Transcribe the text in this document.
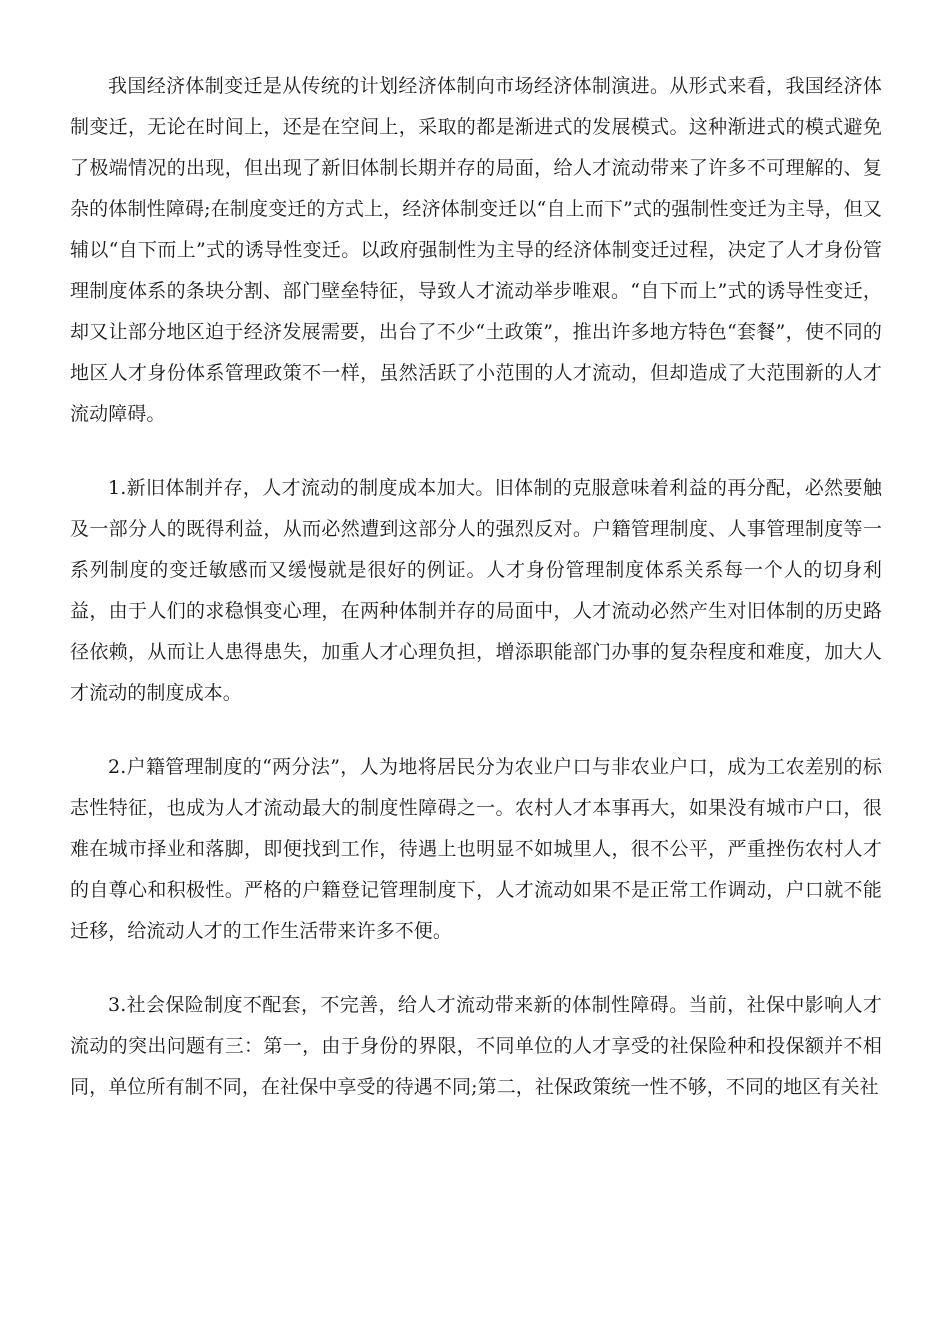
我国经济体制变迁是从传统的计划经济体制向市场经济体制演进。从形式来看，我国经济体制变迁，无论在时间上，还是在空间上，采取的都是渐进式的发展模式。这种渐进式的模式避免了极端情况的出现，但出现了新旧体制长期并存的局面，给人才流动带来了许多不可理解的、复杂的体制性障碍;在制度变迁的方式上，经济体制变迁以“自上而下”式的强制性变迁为主导，但又辅以“自下而上”式的诱导性变迁。以政府强制性为主导的经济体制变迁过程，决定了人才身份管理制度体系的条块分割、部门壁垒特征，导致人才流动举步唯艰。“自下而上”式的诱导性变迁，却又让部分地区迫于经济发展需要，出台了不少“土政策”，推出许多地方特色“套餐”，使不同的地区人才身份体系管理政策不一样，虽然活跃了小范围的人才流动，但却造成了大范围新的人才流动障碍。

1.新旧体制并存，人才流动的制度成本加大。旧体制的克服意味着利益的再分配，必然要触及一部分人的既得利益，从而必然遭到这部分人的强烈反对。户籍管理制度、人事管理制度等一系列制度的变迁敏感而又缓慢就是很好的例证。人才身份管理制度体系关系每一个人的切身利益，由于人们的求稳惧变心理，在两种体制并存的局面中，人才流动必然产生对旧体制的历史路径依赖，从而让人患得患失，加重人才心理负担，增添职能部门办事的复杂程度和难度，加大人才流动的制度成本。

2.户籍管理制度的“两分法”，人为地将居民分为农业户口与非农业户口，成为工农差别的标志性特征，也成为人才流动最大的制度性障碍之一。农村人才本事再大，如果没有城市户口，很难在城市择业和落脚，即便找到工作，待遇上也明显不如城里人，很不公平，严重挫伤农村人才的自尊心和积极性。严格的户籍登记管理制度下，人才流动如果不是正常工作调动，户口就不能迁移，给流动人才的工作生活带来许多不便。

3.社会保险制度不配套，不完善，给人才流动带来新的体制性障碍。当前，社保中影响人才流动的突出问题有三：第一，由于身份的界限，不同单位的人才享受的社保险种和投保额并不相同，单位所有制不同，在社保中享受的待遇不同;第二，社保政策统一性不够，不同的地区有关社
